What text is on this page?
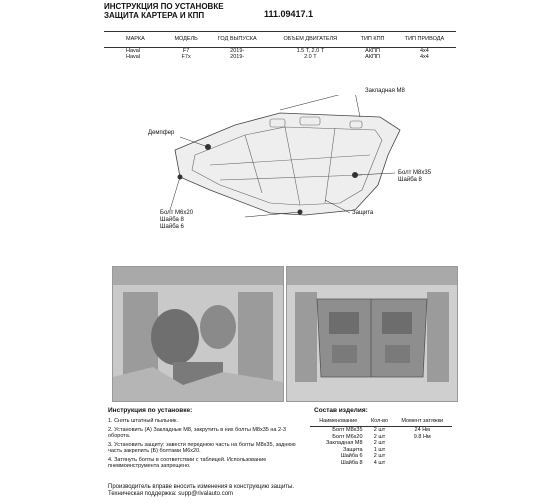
ИНСТРУКЦИЯ ПО УСТАНОВКЕ
ЗАЩИТА КАРТЕРА И КПП	111.09417.1
МАРКА	МОДЕЛЬ	ГОД ВЫПУСКА	ОБЪЕМ ДВИГАТЕЛЯ	ТИП КПП	ТИП ПРИВОДА
Haval	F7	2019-	1.5 Т, 2.0 Т	АКПП	4x4
Haval	F7x	2019-	2.0 Т	АКПП	4x4
Закладная М8
Демпфер
Болт М8х35
Шайба 8
Болт М6х20
Шайба 8
Шайба 6
Защита
Инструкция по установке:
1. Снять штатный пыльник.
2. Установить (А) Закладные М8, закрутить в них болты М8х35 на 2-3 оборота.
3. Установить защиту: завести переднюю часть на болты М8х35, заднюю часть закрепить (Б) болтами М6х20.
4. Затянуть болты в соответствии с таблицей. Использование пневмоинструмента запрещено.
Состав изделия:
Наименование	Кол-во	Момент затяжки
Болт М8х35	2 шт	24 Нм
Болт М6х20	2 шт	9.8 Нм
Закладная М8	2 шт	
Защита	1 шт	
Шайба 6	2 шт	
Шайба 8	4 шт	
Производитель вправе вносить изменения в конструкцию защиты.
Техническая поддержка: supp@rivalauto.com
